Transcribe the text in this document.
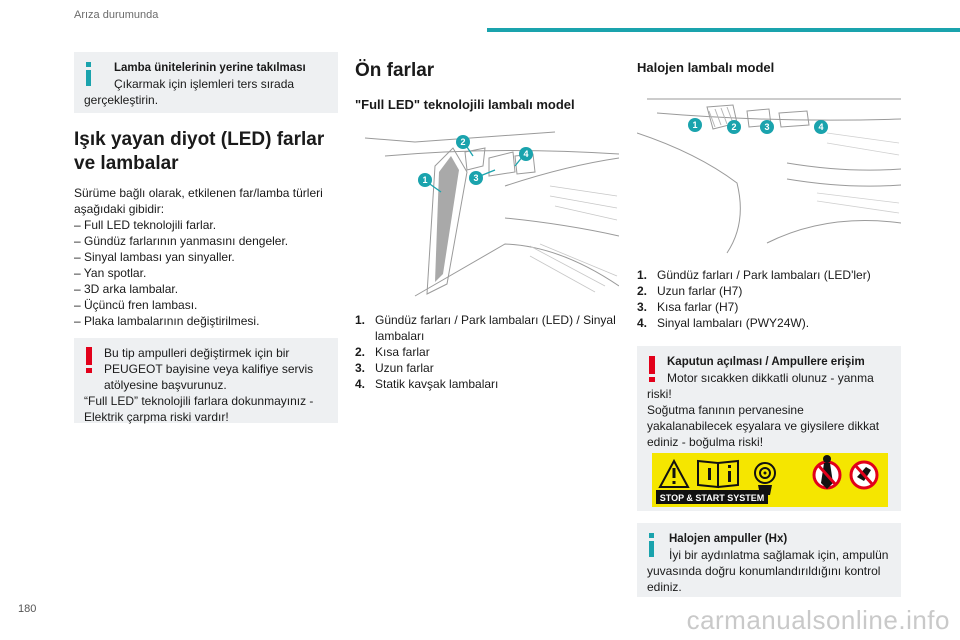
Arıza durumunda
Lamba ünitelerinin yerine takılması
Çıkarmak için işlemleri ters sırada gerçekleştirin.
Işık yayan diyot (LED) farlar ve lambalar
Sürüme bağlı olarak, etkilenen far/lamba türleri aşağıdaki gibidir:
– Full LED teknolojili farlar.
– Gündüz farlarının yanmasını dengeler.
– Sinyal lambası yan sinyaller.
– Yan spotlar.
– 3D arka lambalar.
– Üçüncü fren lambası.
– Plaka lambalarının değiştirilmesi.
Bu tip ampulleri değiştirmek için bir PEUGEOT bayisine veya kalifiye servis atölyesine başvurunuz.
“Full LED” teknolojili farlara dokunmayınız - Elektrik çarpma riski vardır!
Ön farlar
"Full LED" teknolojili lambalı model
1
2
3
4
1. Gündüz farları / Park lambaları (LED) / Sinyal lambaları
2. Kısa farlar
3. Uzun farlar
4. Statik kavşak lambaları
Halojen lambalı model
1	2	3	4
1. Gündüz farları / Park lambaları (LED'ler)
2. Uzun farlar (H7)
3. Kısa farlar (H7)
4. Sinyal lambaları (PWY24W).
Kaputun açılması / Ampullere erişim
Motor sıcakken dikkatli olunuz - yanma riski!
Soğutma fanının pervanesine yakalanabilecek eşyalara ve giysilere dikkat ediniz - boğulma riski!
STOP & START SYSTEM
Halojen ampuller (Hx)
İyi bir aydınlatma sağlamak için, ampulün yuvasında doğru konumlandırıldığını kontrol ediniz.
180	carmanualsonline.info
